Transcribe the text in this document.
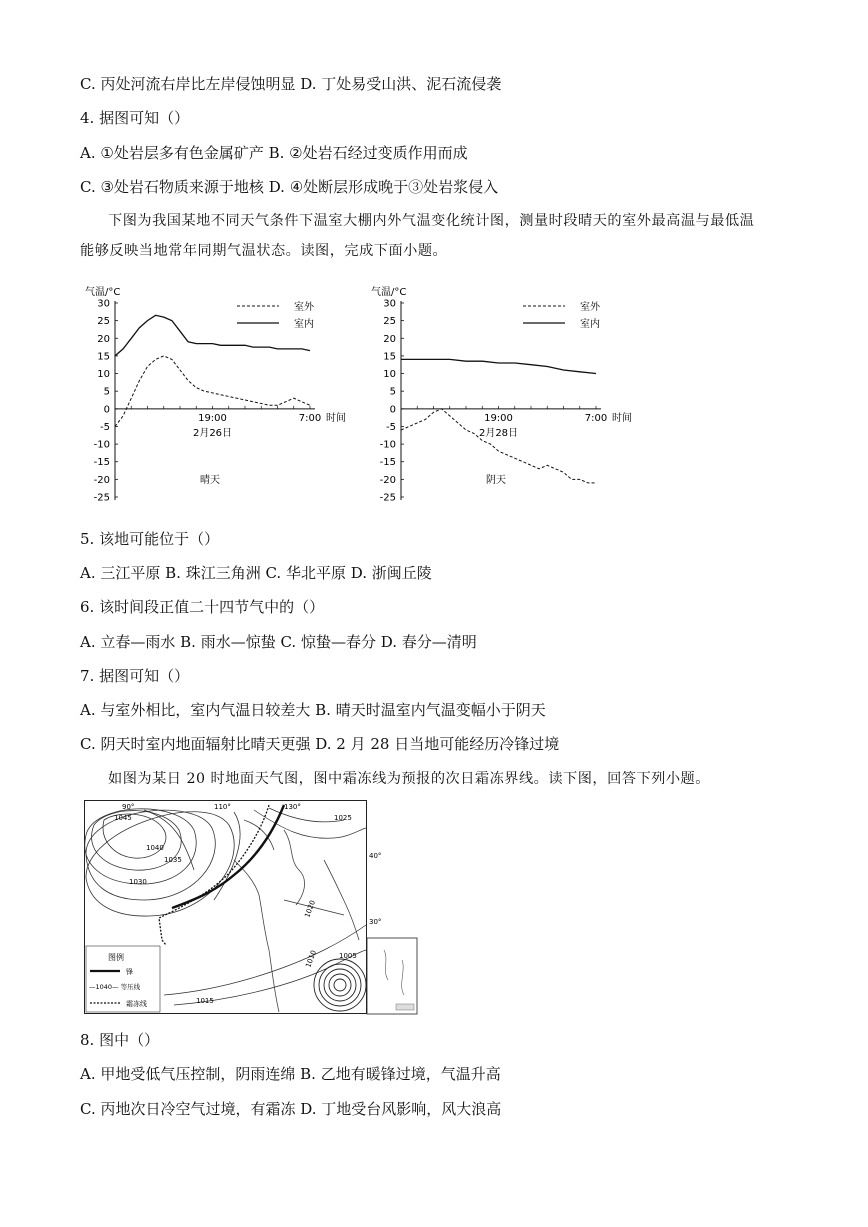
C. 丙处河流右岸比左岸侵蚀明显 D. 丁处易受山洪、泥石流侵袭
4. 据图可知（）
A. ①处岩层多有色金属矿产 B. ②处岩石经过变质作用而成
C. ③处岩石物质来源于地核 D. ④处断层形成晚于③处岩浆侵入

下图为我国某地不同天气条件下温室大棚内外气温变化统计图，测量时段晴天的室外最高温与最低温

能够反映当地常年同期气温状态。读图，完成下面小题。

气温/°C
30
25
20
15
10
5
0
-5
-10
-15
-20
-25
19:00	7:00 时间
2月26日
晴天
室外
室内
气温/°C
30
25
20
15
10
5
0
-5
-10
-15
-20
-25
19:00	7:00 时间
2月28日
阴天
室外
室内
5. 该地可能位于（）
A. 三江平原 B. 珠江三角洲 C. 华北平原 D. 浙闽丘陵
6. 该时间段正值二十四节气中的（）
A. 立春—雨水 B. 雨水—惊蛰 C. 惊蛰—春分 D. 春分—清明
7. 据图可知（）
A. 与室外相比，室内气温日较差大 B. 晴天时温室内气温变幅小于阴天
C. 阴天时室内地面辐射比晴天更强 D. 2 月 28 日当地可能经历冷锋过境

如图为某日 20 时地面天气图，图中霜冻线为预报的次日霜冻界线。读下图，回答下列小题。

90°	110°	130°
40°
30°
1045
1040
1035
1030
1025
1020
1015
1010	1005
图例
锋
—1040— 等压线
霜冻线
8. 图中（）
A. 甲地受低气压控制，阴雨连绵 B. 乙地有暖锋过境，气温升高
C. 丙地次日冷空气过境，有霜冻 D. 丁地受台风影响，风大浪高
